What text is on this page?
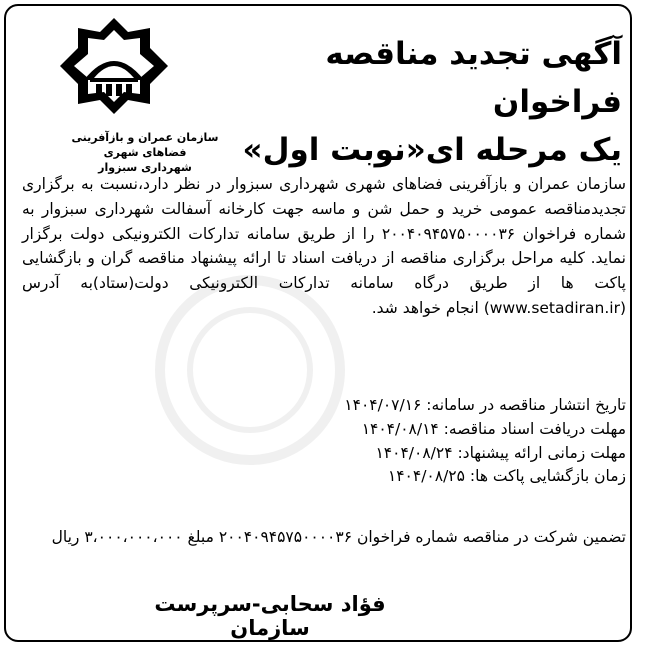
سازمان عمران و بازآفرینی فضاهای شهری
شهرداری سبزوار
آگهی تجدید مناقصه فراخوان
یک مرحله ای«نوبت اول»

سازمان عمران و بازآفرینی فضاهای شهری شهرداری سبزوار در نظر دارد،نسبت به برگزاری تجدیدمناقصه عمومی خرید و حمل شن و ماسه جهت کارخانه آسفالت شهرداری سبزوار به شماره فراخوان ۲۰۰۴۰۹۴۵۷۵۰۰۰۰۳۶ را از طریق سامانه تدارکات الکترونیکی دولت برگزار نماید. کلیه مراحل برگزاری مناقصه از دریافت اسناد تا ارائه پیشنهاد مناقصه گران و بازگشایی پاکت ها از طریق درگاه سامانه تدارکات الکترونیکی دولت(ستاد)به آدرس (www.setadiran.ir) انجام خواهد شد.

تاریخ انتشار مناقصه در سامانه: ۱۴۰۴/۰۷/۱۶
مهلت دریافت اسناد مناقصه: ۱۴۰۴/۰۸/۱۴
مهلت زمانی ارائه پیشنهاد: ۱۴۰۴/۰۸/۲۴
زمان بازگشایی پاکت ها: ۱۴۰۴/۰۸/۲۵
تضمین شرکت در مناقصه شماره فراخوان ۲۰۰۴۰۹۴۵۷۵۰۰۰۰۳۶ مبلغ ۳،۰۰۰،۰۰۰،۰۰۰ ریال
فؤاد سحابی-سرپرست سازمان
